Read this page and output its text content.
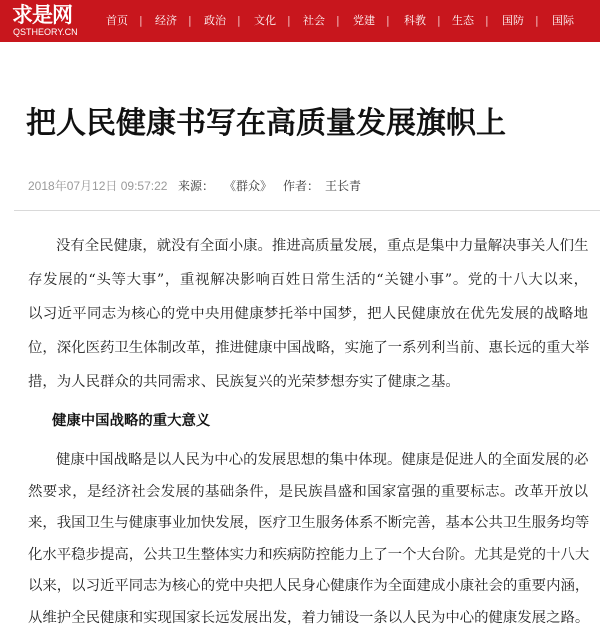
求是网
QSTHEORY.CN
首页 | 经济 | 政治 | 文化 | 社会 | 党建 | 科教 | 生态 | 国防 | 国际
把人民健康书写在高质量发展旗帜上
2018年07月12日 09:57:22 来源： 《群众》 作者： 王长青
没有全民健康，就没有全面小康。推进高质量发展，重点是集中力量解决事关人们生
存发展的“头等大事”，重视解决影响百姓日常生活的“关键小事”。党的十八大以来，
以习近平同志为核心的党中央用健康梦托举中国梦，把人民健康放在优先发展的战略地
位，深化医药卫生体制改革，推进健康中国战略，实施了一系列利当前、惠长远的重大举
措，为人民群众的共同需求、民族复兴的光荣梦想夯实了健康之基。
健康中国战略的重大意义
健康中国战略是以人民为中心的发展思想的集中体现。健康是促进人的全面发展的必
然要求，是经济社会发展的基础条件，是民族昌盛和国家富强的重要标志。改革开放以
来，我国卫生与健康事业加快发展，医疗卫生服务体系不断完善，基本公共卫生服务均等
化水平稳步提高，公共卫生整体实力和疾病防控能力上了一个大台阶。尤其是党的十八大
以来，以习近平同志为核心的党中央把人民身心健康作为全面建成小康社会的重要内涵，
从维护全民健康和实现国家长远发展出发，着力铺设一条以人民为中心的健康发展之路。
